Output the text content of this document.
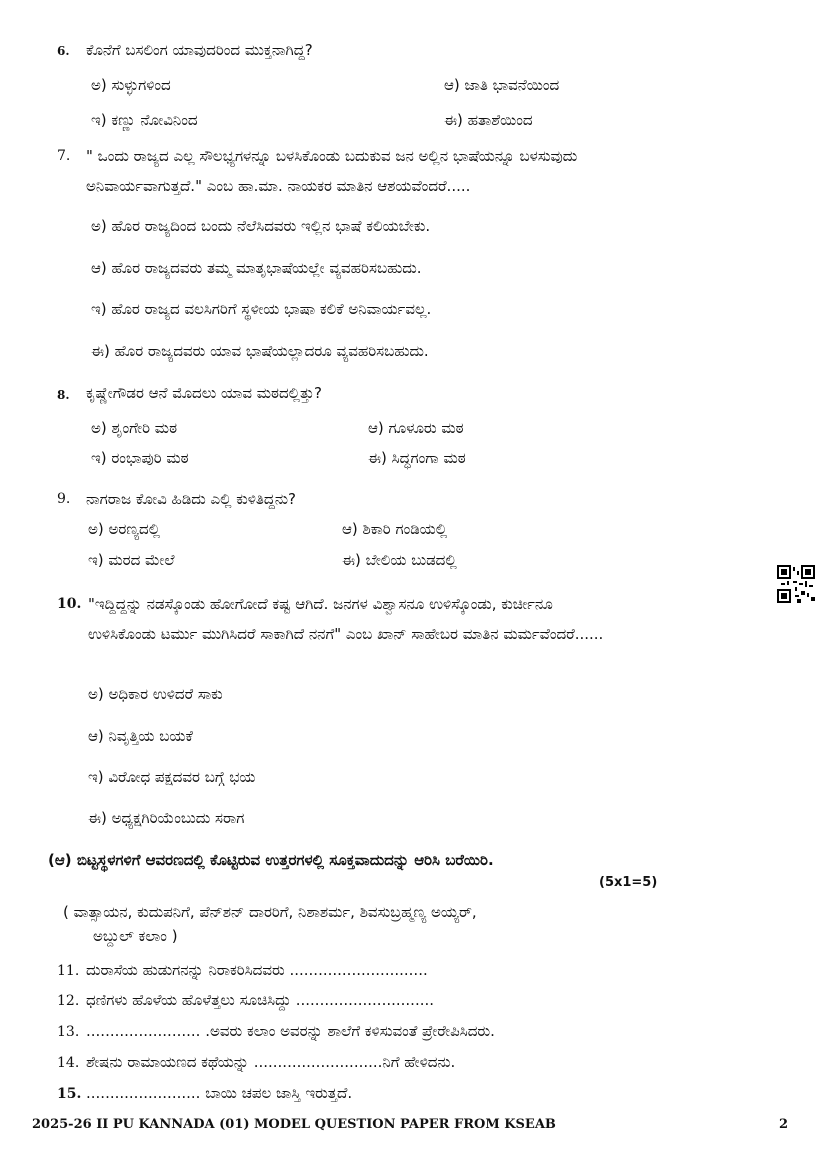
6. ಕೊನೆಗೆ ಬಸಲಿಂಗ ಯಾವುದರಿಂದ ಮುಕ್ತನಾಗಿದ್ದ?
ಅ) ಸುಳ್ಳುಗಳಿಂದ	ಆ) ಜಾತಿ ಭಾವನೆಯಿಂದ
ಇ) ಕಣ್ಣು ನೋವಿನಿಂದ	ಈ) ಹತಾಶೆಯಿಂದ
7. " ಒಂದು ರಾಜ್ಯದ ಎಲ್ಲ ಸೌಲಭ್ಯಗಳನ್ನೂ ಬಳಸಿಕೊಂಡು ಬದುಕುವ ಜನ ಅಲ್ಲಿನ ಭಾಷೆಯನ್ನೂ ಬಳಸುವುದು
ಅನಿವಾರ್ಯವಾಗುತ್ತದೆ." ಎಂಬ ಹಾ.ಮಾ. ನಾಯಕರ ಮಾತಿನ ಆಶಯವೆಂದರೆ.....
ಅ) ಹೊರ ರಾಜ್ಯದಿಂದ ಬಂದು ನೆಲೆಸಿದವರು ಇಲ್ಲಿನ ಭಾಷೆ ಕಲಿಯಬೇಕು.
ಆ) ಹೊರ ರಾಜ್ಯದವರು ತಮ್ಮ ಮಾತೃಭಾಷೆಯಲ್ಲೇ ವ್ಯವಹರಿಸಬಹುದು.
ಇ) ಹೊರ ರಾಜ್ಯದ ವಲಸಿಗರಿಗೆ ಸ್ಥಳೀಯ ಭಾಷಾ ಕಲಿಕೆ ಅನಿವಾರ್ಯವಲ್ಲ.
ಈ) ಹೊರ ರಾಜ್ಯದವರು ಯಾವ ಭಾಷೆಯಲ್ಲಾದರೂ ವ್ಯವಹರಿಸಬಹುದು.
8. ಕೃಷ್ಣೇಗೌಡರ ಆನೆ ಮೊದಲು ಯಾವ ಮಠದಲ್ಲಿತ್ತು?
ಅ) ಶೃಂಗೇರಿ ಮಠ	ಆ) ಗೂಳೂರು ಮಠ
ಇ) ರಂಭಾಪುರಿ ಮಠ	ಈ) ಸಿದ್ಧಗಂಗಾ ಮಠ
9. ನಾಗರಾಜ ಕೋವಿ ಹಿಡಿದು ಎಲ್ಲಿ ಕುಳಿತಿದ್ದನು?
ಅ) ಅರಣ್ಯದಲ್ಲಿ	ಆ) ಶಿಕಾರಿ ಗಂಡಿಯಲ್ಲಿ
ಇ) ಮರದ ಮೇಲೆ	ಈ) ಬೇಲಿಯ ಬುಡದಲ್ಲಿ
10. "ಇದ್ದಿದ್ದನ್ನು ನಡಸ್ಕೊಂಡು ಹೋಗೋದೆ ಕಷ್ಟ ಆಗಿದೆ. ಜನಗಳ ವಿಶ್ವಾಸನೂ ಉಳಿಸ್ಕೊಂಡು, ಕುರ್ಚೀನೂ
ಉಳಿಸಿಕೊಂಡು ಟರ್ಮು ಮುಗಿಸಿದರೆ ಸಾಕಾಗಿದೆ ನನಗೆ" ಎಂಬ ಖಾನ್ ಸಾಹೇಬರ ಮಾತಿನ ಮರ್ಮವೆಂದರೆ......
ಅ) ಅಧಿಕಾರ ಉಳಿದರೆ ಸಾಕು
ಆ) ನಿವೃತ್ತಿಯ ಬಯಕೆ
ಇ) ವಿರೋಧ ಪಕ್ಷದವರ ಬಗ್ಗೆ ಭಯ
ಈ) ಅಧ್ಯಕ್ಷಗಿರಿಯೆಂಬುದು ಸರಾಗ
(ಆ) ಬಿಟ್ಟಸ್ಥಳಗಳಿಗೆ ಆವರಣದಲ್ಲಿ ಕೊಟ್ಟಿರುವ ಉತ್ತರಗಳಲ್ಲಿ ಸೂಕ್ತವಾದುದನ್ನು ಆರಿಸಿ ಬರೆಯಿರಿ.
(5x1=5)
( ವಾತ್ಸಾಯನ, ಕುದುಪನಿಗೆ, ಪೆನ್‌ಶನ್ ದಾರರಿಗೆ, ನಿಶಾಶರ್ಮ, ಶಿವಸುಬ್ರಹ್ಮಣ್ಯ ಅಯ್ಯರ್,
ಅಬ್ದುಲ್ ಕಲಾಂ )
11. ದುರಾಸೆಯ ಹುಡುಗನನ್ನು ನಿರಾಕರಿಸಿದವರು .............................
12. ಧಣಿಗಳು ಹೊಳೆಯ ಹೊಳೆತ್ತಲು ಸೂಚಿಸಿದ್ದು .............................
13. ........................ .ಅವರು ಕಲಾಂ ಅವರನ್ನು ಶಾಲೆಗೆ ಕಳಿಸುವಂತೆ ಪ್ರೇರೇಪಿಸಿದರು.
14. ಶೇಷನು ರಾಮಾಯಣದ ಕಥೆಯನ್ನು ...........................ನಿಗೆ ಹೇಳಿದನು.
15. ........................ ಬಾಯಿ ಚಪಲ ಜಾಸ್ತಿ ಇರುತ್ತದೆ.
2025-26 II PU KANNADA (01) MODEL QUESTION PAPER FROM KSEAB	2
